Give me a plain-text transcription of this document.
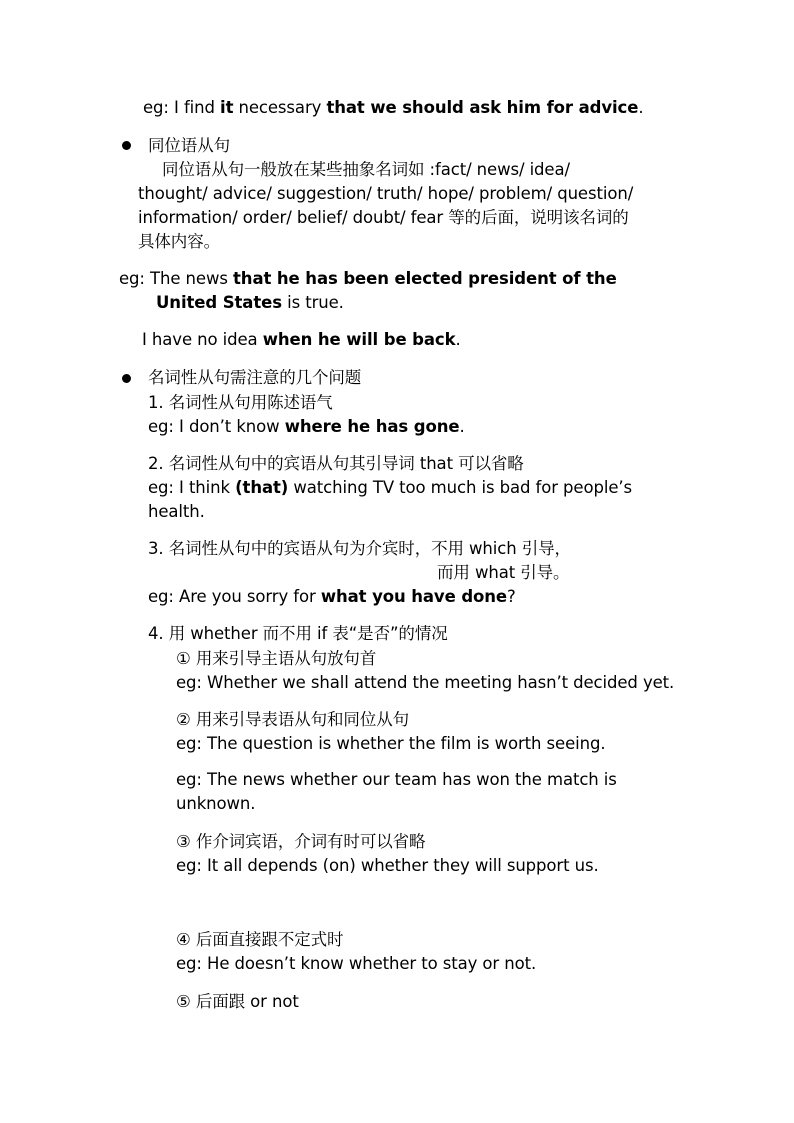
eg: I find it necessary that we should ask him for advice.
同位语从句
同位语从句一般放在某些抽象名词如 :fact/ news/ idea/
thought/ advice/ suggestion/ truth/ hope/ problem/ question/
information/ order/ belief/ doubt/ fear 等的后面，说明该名词的
具体内容。
eg: The news that he has been elected president of the
United States is true.
I have no idea when he will be back.
名词性从句需注意的几个问题
1. 名词性从句用陈述语气
eg: I don’t know where he has gone.
2. 名词性从句中的宾语从句其引导词 that 可以省略
eg: I think (that) watching TV too much is bad for people’s
health.
3. 名词性从句中的宾语从句为介宾时，不用 which 引导，
而用 what 引导。
eg: Are you sorry for what you have done?
4. 用 whether 而不用 if 表“是否”的情况
① 用来引导主语从句放句首
eg: Whether we shall attend the meeting hasn’t decided yet.
② 用来引导表语从句和同位从句
eg: The question is whether the film is worth seeing.
eg: The news whether our team has won the match is
unknown.
③ 作介词宾语，介词有时可以省略
eg: It all depends (on) whether they will support us.
④ 后面直接跟不定式时
eg: He doesn’t know whether to stay or not.
⑤ 后面跟 or not
